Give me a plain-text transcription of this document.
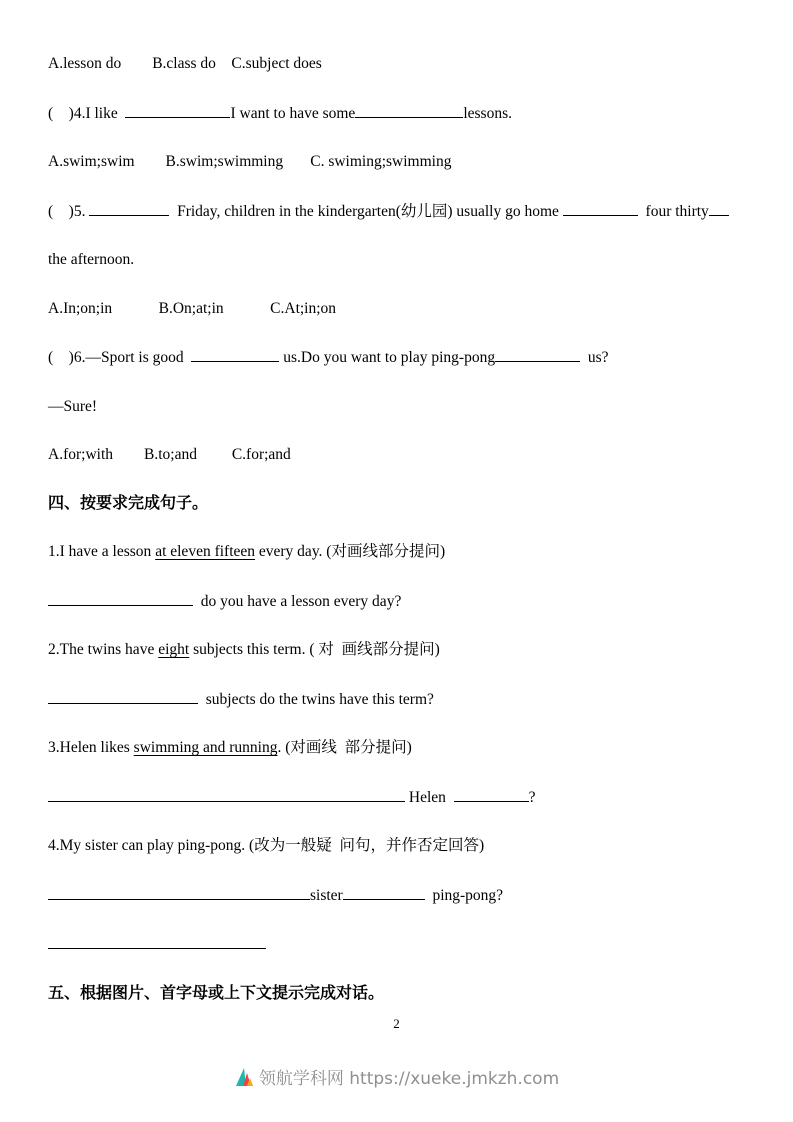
A.lesson do        B.class do    C.subject does
(    )4.I like	I want to have some	lessons.
A.swim;swim        B.swim;swimming       C. swiming;swimming
(    )5.	Friday, children in the kindergarten(幼儿园) usually go home	four thirty
the afternoon.
A.In;on;in            B.On;at;in            C.At;in;on
(    )6.—Sport is good	us.Do you want to play ping-pong	us?
—Sure!
A.for;with        B.to;and         C.for;and
四、按要求完成句子。
1.I have a lesson at eleven fifteen every day. (对画线部分提问)
do you have a lesson every day?
2.The twins have eight subjects this term. ( 对  画线部分提问)
subjects do the twins have this term?
3.Helen likes swimming and running. (对画线  部分提问)
Helen	?
4.My sister can play ping-pong. (改为一般疑  问句，并作否定回答)
sister	ping-pong?
五、根据图片、首字母或上下文提示完成对话。
2
领航学科网 https://xueke.jmkzh.com
